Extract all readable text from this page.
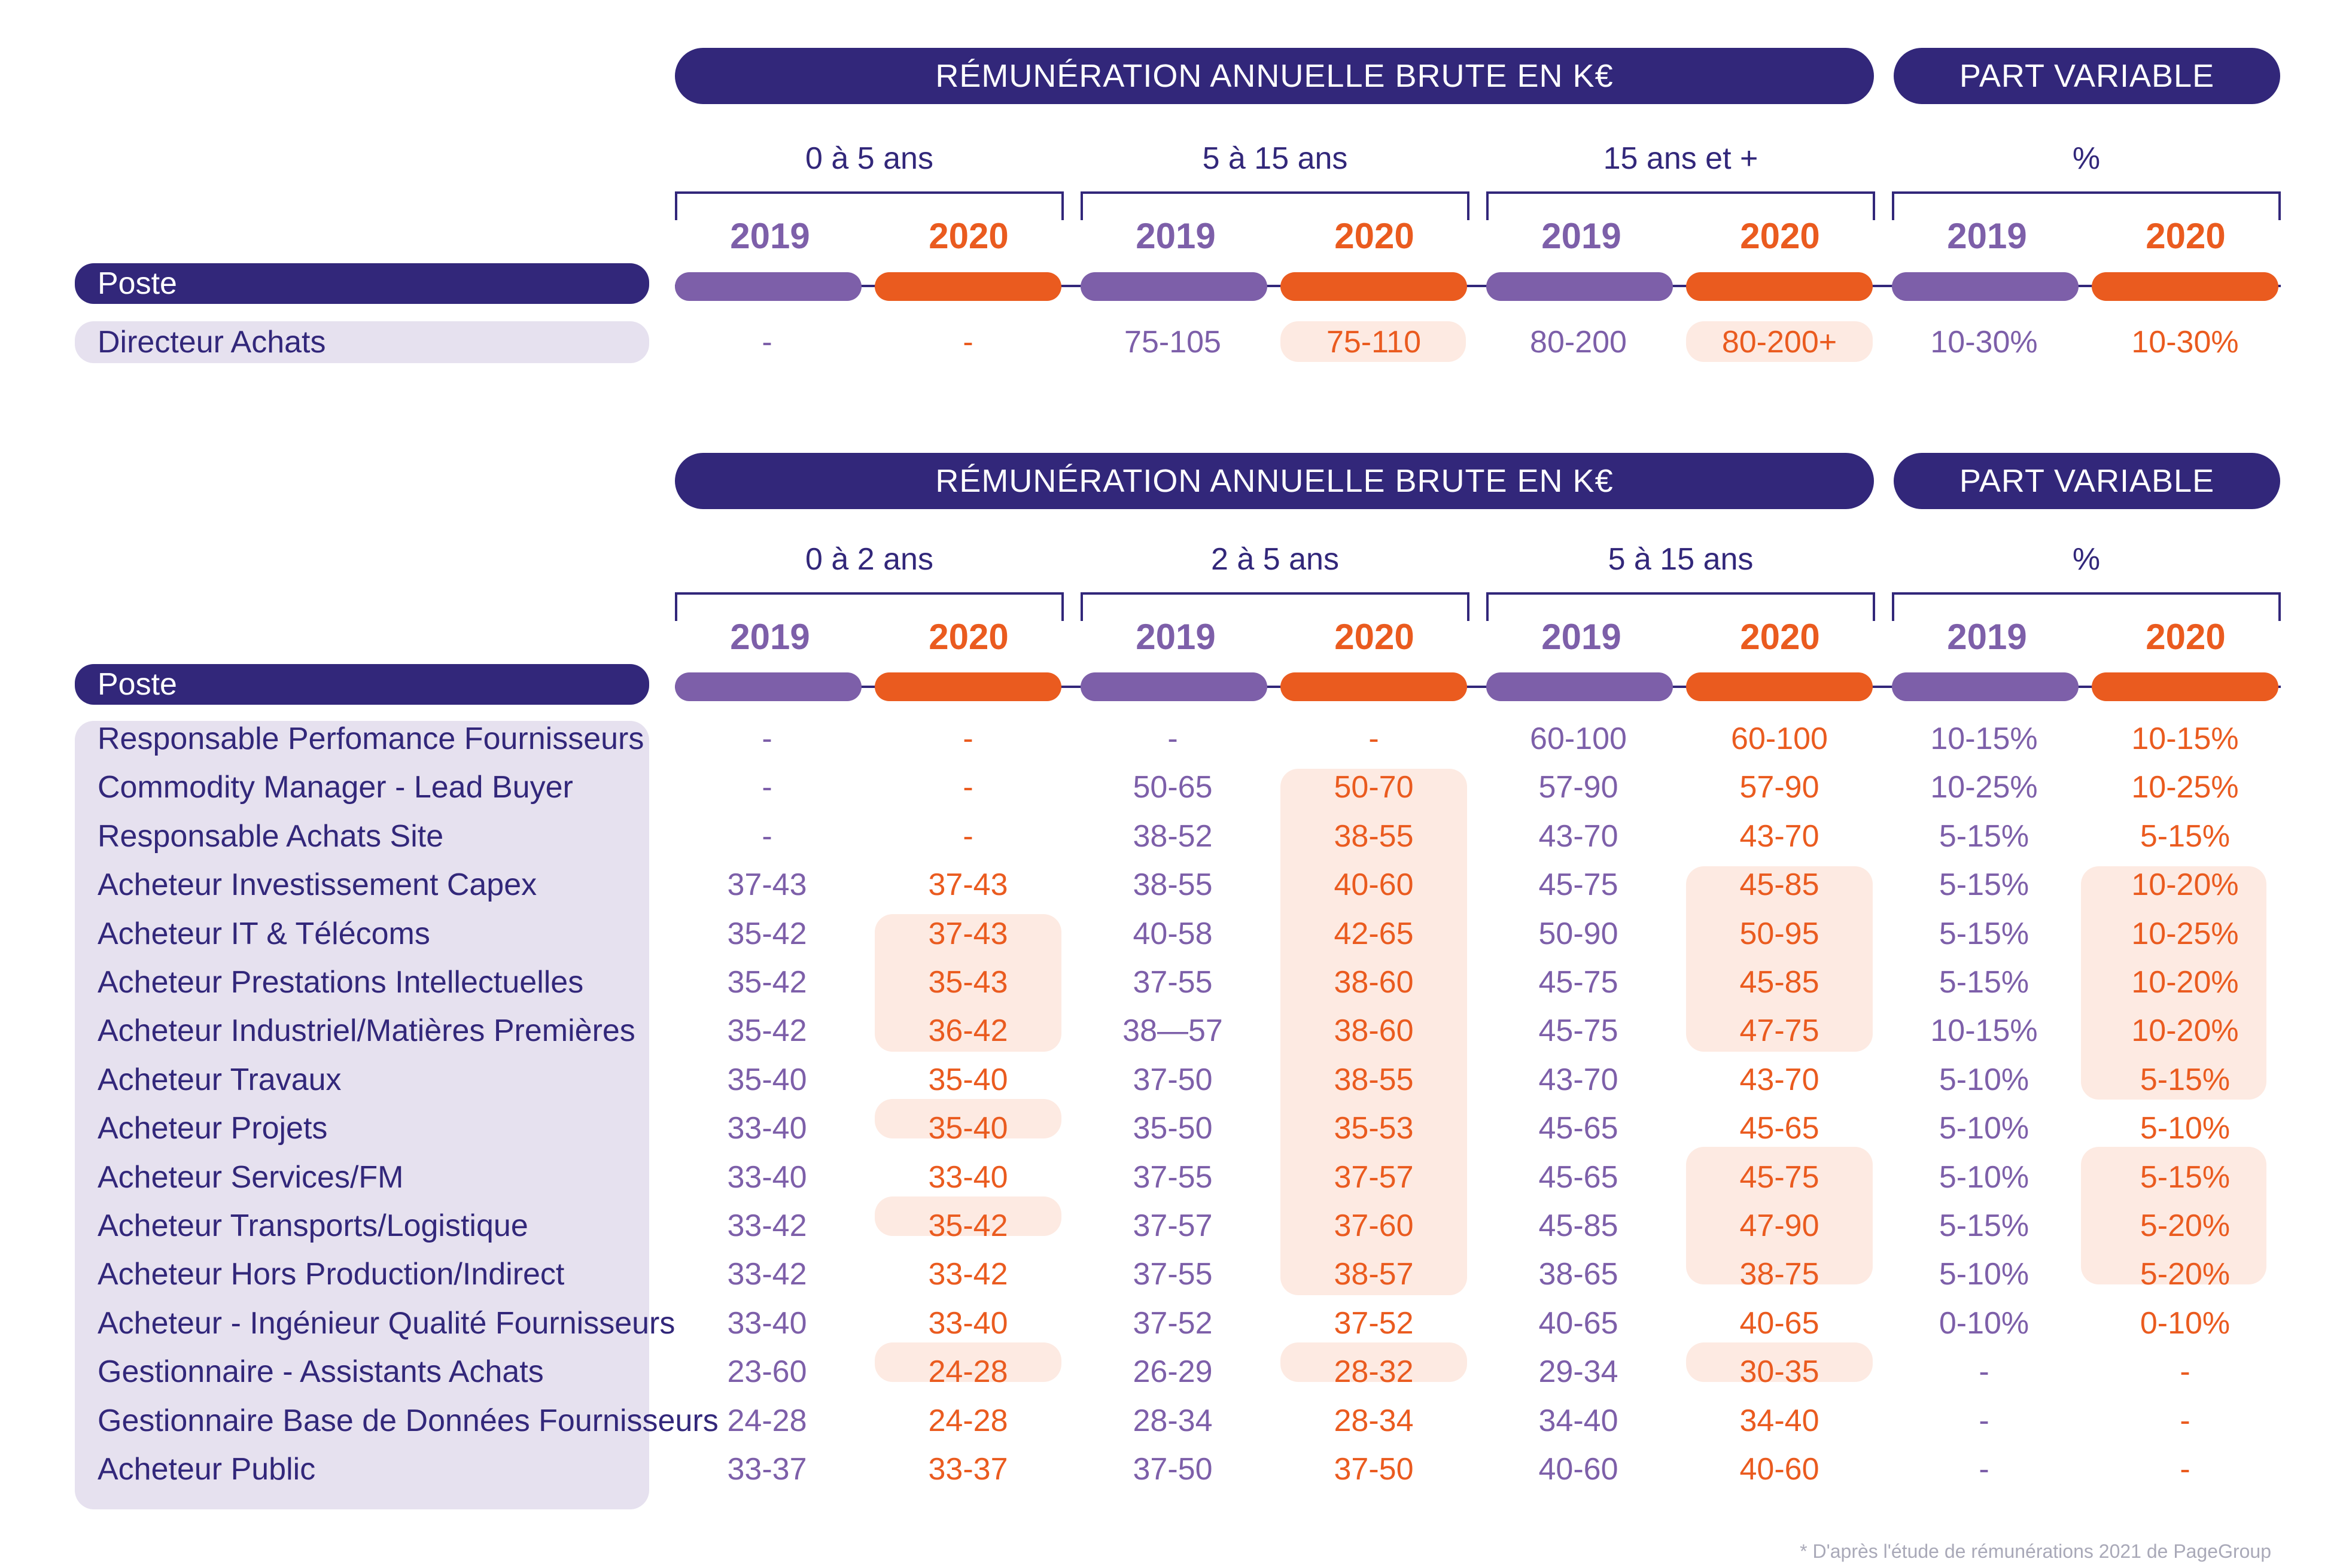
RÉMUNÉRATION ANNUELLE BRUTE EN K€	PART VARIABLE
0 à 5 ans	5 à 15 ans	15 ans et +	%
2019	2020	2019	2020	2019	2020	2019	2020
Poste
Directeur Achats	-	-	75-105	75-110	80-200	80-200+	10-30%	10-30%
RÉMUNÉRATION ANNUELLE BRUTE EN K€	PART VARIABLE
0 à 2 ans	2 à 5 ans	5 à 15 ans	%
2019	2020	2019	2020	2019	2020	2019	2020
Poste
Responsable Perfomance Fournisseurs	-	-	-	-	60-100	60-100	10-15%	10-15%
Commodity Manager - Lead Buyer	-	-	50-65	50-70	57-90	57-90	10-25%	10-25%
Responsable Achats Site	-	-	38-52	38-55	43-70	43-70	5-15%	5-15%
Acheteur Investissement Capex	37-43	37-43	38-55	40-60	45-75	45-85	5-15%	10-20%
Acheteur IT & Télécoms	35-42	37-43	40-58	42-65	50-90	50-95	5-15%	10-25%
Acheteur Prestations Intellectuelles	35-42	35-43	37-55	38-60	45-75	45-85	5-15%	10-20%
Acheteur Industriel/Matières Premières	35-42	36-42	38—57	38-60	45-75	47-75	10-15%	10-20%
Acheteur Travaux	35-40	35-40	37-50	38-55	43-70	43-70	5-10%	5-15%
Acheteur Projets	33-40	35-40	35-50	35-53	45-65	45-65	5-10%	5-10%
Acheteur Services/FM	33-40	33-40	37-55	37-57	45-65	45-75	5-10%	5-15%
Acheteur Transports/Logistique	33-42	35-42	37-57	37-60	45-85	47-90	5-15%	5-20%
Acheteur Hors Production/Indirect	33-42	33-42	37-55	38-57	38-65	38-75	5-10%	5-20%
Acheteur - Ingénieur Qualité Fournisseurs	33-40	33-40	37-52	37-52	40-65	40-65	0-10%	0-10%
Gestionnaire - Assistants Achats	23-60	24-28	26-29	28-32	29-34	30-35	-	-
Gestionnaire Base de Données Fournisseurs 24-28	24-28	28-34	28-34	34-40	34-40	-	-
Acheteur Public	33-37	33-37	37-50	37-50	40-60	40-60	-	-
* D'après l'étude de rémunérations 2021 de PageGroup
